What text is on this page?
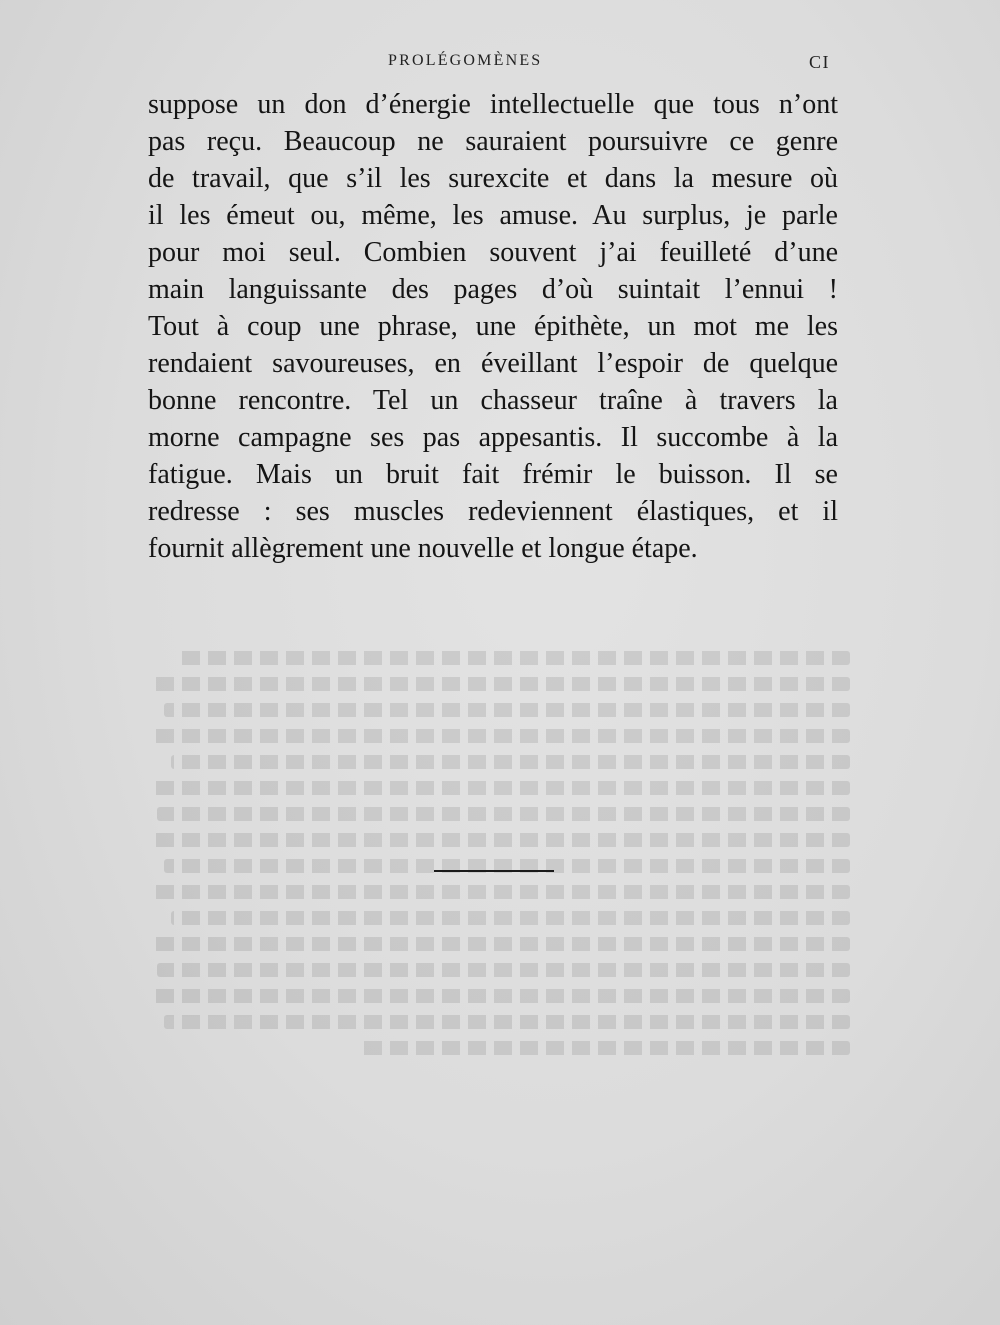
PROLÉGOMÈNES	CI
suppose un don d’énergie intellectuelle que tous n’ont
pas reçu. Beaucoup ne sauraient poursuivre ce genre
de travail, que s’il les surexcite et dans la mesure où
il les émeut ou, même, les amuse. Au surplus, je parle
pour moi seul. Combien souvent j’ai feuilleté d’une
main languissante des pages d’où suintait l’ennui !
Tout à coup une phrase, une épithète, un mot me les
rendaient savoureuses, en éveillant l’espoir de quelque
bonne rencontre. Tel un chasseur traîne à travers la
morne campagne ses pas appesantis. Il succombe à la
fatigue. Mais un bruit fait frémir le buisson. Il se
redresse : ses muscles redeviennent élastiques, et il
fournit allègrement une nouvelle et longue étape.
